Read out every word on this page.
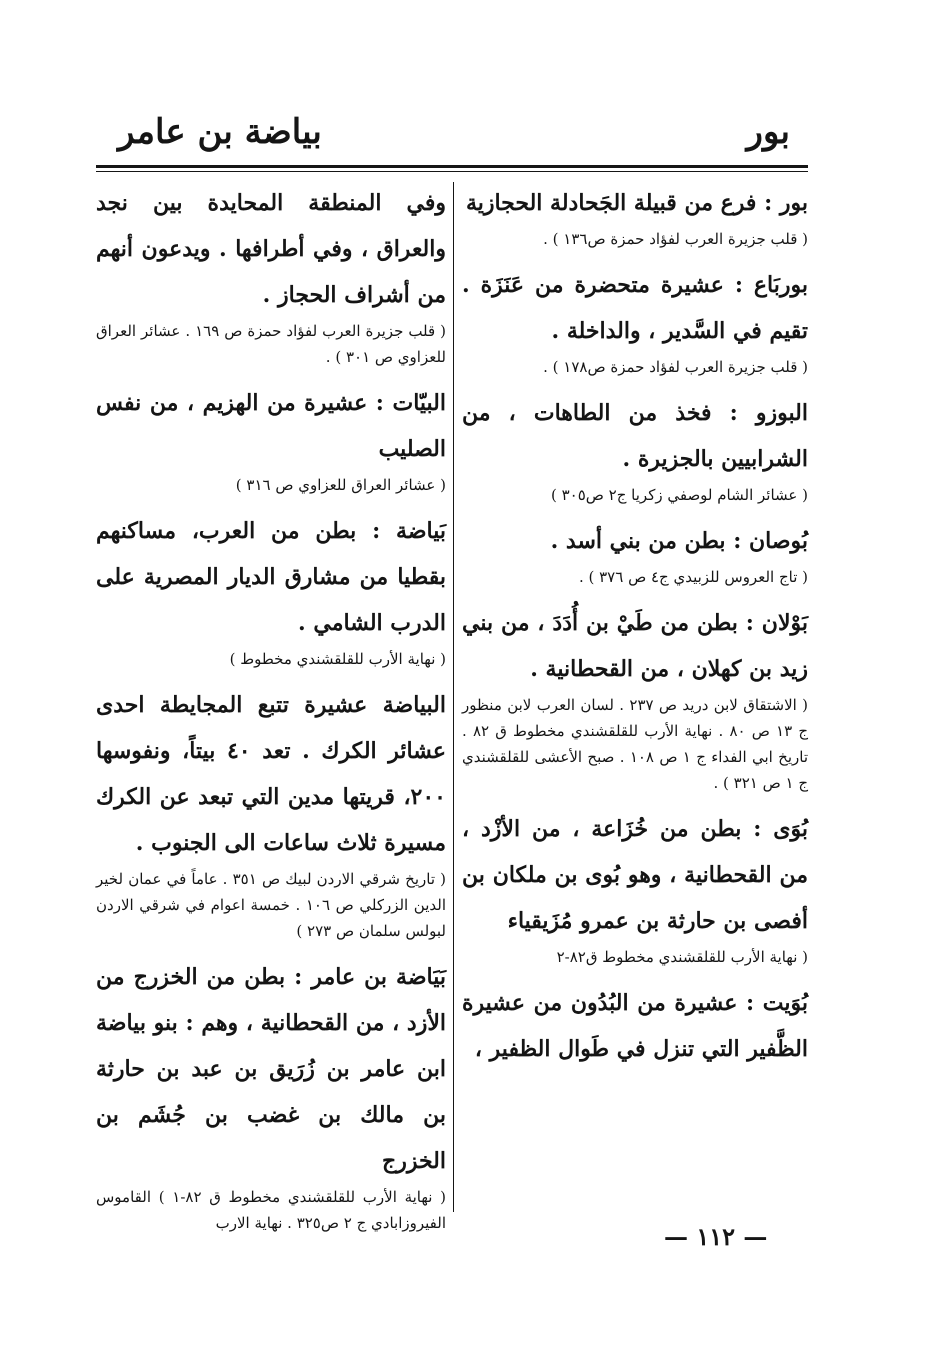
بور
بياضة بن عامر

بور : فرع من قبيلة الجَحادلة الحجازية

( قلب جزيرة العرب لفؤاد حمزة ص١٣٦ ) .

بوربَاع : عشيرة متحضرة من عَنَزَة . تقيم في السَّدير ، والداخلة .

( قلب جزيرة العرب لفؤاد حمزة ص١٧٨ ) .

البوزو : فخذ من الطاهات ، من الشرابيين بالجزيرة .

( عشائر الشام لوصفي زكريا ج٢ ص٣٠٥ )

بُوصان : بطن من بني أسد .

( تاج العروس للزبيدي ج٤ ص ٣٧٦ ) .

بَوْلان : بطن من طَيْ بن أُدَدَ ، من بني زيد بن كهلان ، من القحطانية .

( الاشتقاق لابن دريد ص ٢٣٧ . لسان العرب لابن منظور ج ١٣ ص ٨٠ . نهاية الأرب للقلقشندي مخطوط ق ٨٢ . تاريخ ابي الفداء ج ١ ص ١٠٨ . صبح الأعشى للقلقشندي ج ١ ص ٣٢١ ) .

بُوَى : بطن من خُزَاعة ، من الأزْد ، من القحطانية ، وهو بُوى بن ملكان بن أفصى بن حارثة بن عمرو مُزَيقياء

( نهاية الأرب للقلقشندي مخطوط ق٨٢-٢

بُوَيت : عشيرة من البُدُون من عشيرة الظَّفير التي تنزل في طَوال الظفير ،

وفي المنطقة المحايدة بين نجد والعراق ، وفي أطرافها . ويدعون أنهم من أشراف الحجاز .

( قلب جزيرة العرب لفؤاد حمزة ص ١٦٩ . عشائر العراق للعزاوي ص ٣٠١ ) .

البيّات : عشيرة من الهزيم ، من نفس الصليب

( عشائر العراق للعزاوي ص ٣١٦ )

بَياضة : بطن من العرب، مساكنهم بقطيا من مشارق الديار المصرية على الدرب الشامي .

( نهاية الأرب للقلقشندي مخطوط )

البياضة عشيرة تتبع المجايطة احدى عشائر الكرك . تعد ٤٠ بيتاً، ونفوسها ٢٠٠، قريتها مدين التي تبعد عن الكرك مسيرة ثلاث ساعات الى الجنوب .

( تاريخ شرقي الاردن لبيك ص ٣٥١ . عاماً في عمان لخير الدين الزركلي ص ١٠٦ . خمسة اعوام في شرقي الاردن لبولس سلمان ص ٢٧٣ )

بَيَاضة بن عامر : بطن من الخزرج من الأزد ، من القحطانية ، وهم : بنو بياضة ابن عامر بن زُرَيق بن عبد بن حارثة بن مالك بن غضب بن جُشَم بن الخزرج

( نهاية الأرب للقلقشندي مخطوط ق ٨٢-١ ) القاموس الفيروزابادي ج ٢ ص٣٢٥ . نهاية الارب	— ١١٢ —
